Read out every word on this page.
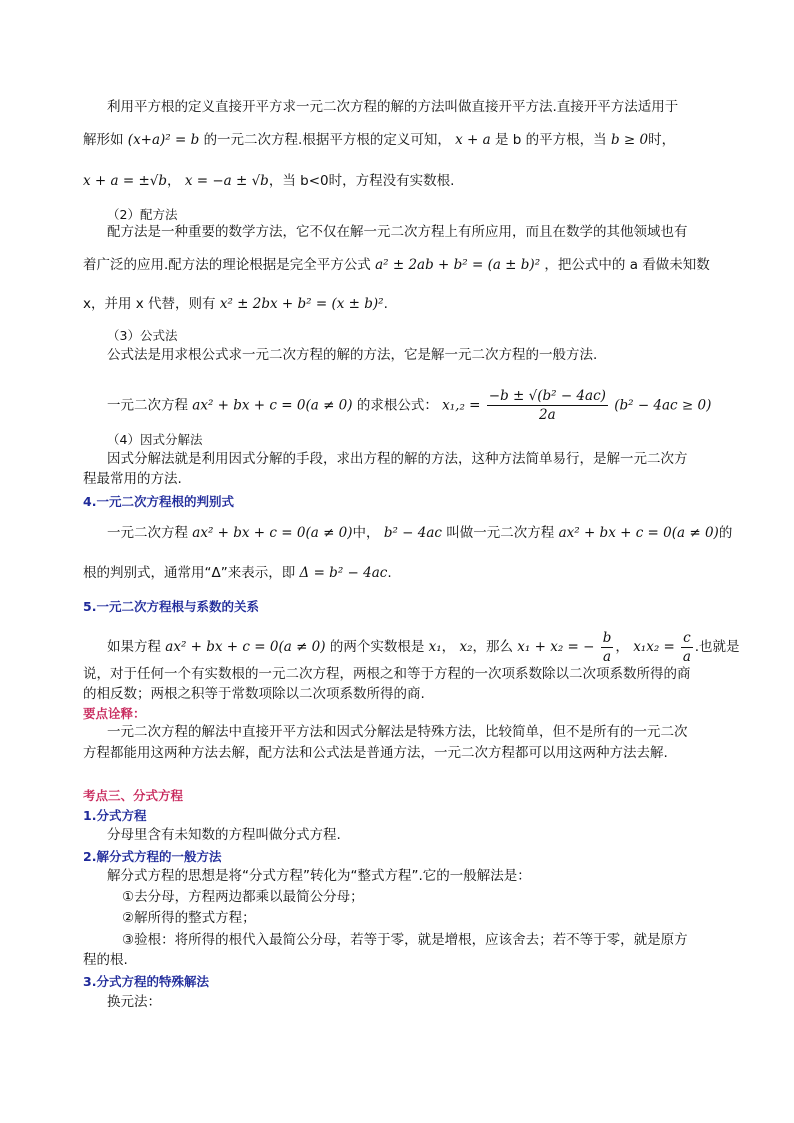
利用平方根的定义直接开平方求一元二次方程的解的方法叫做直接开平方法.直接开平方法适用于
解形如 (x+a)² = b 的一元二次方程.根据平方根的定义可知， x + a 是 b 的平方根，当 b ≥ 0时，
x + a = ±√b， x = −a ± √b，当 b<0时，方程没有实数根.
（2）配方法
配方法是一种重要的数学方法，它不仅在解一元二次方程上有所应用，而且在数学的其他领域也有
着广泛的应用.配方法的理论根据是完全平方公式 a² ± 2ab + b² = (a ± b)² ，把公式中的 a 看做未知数
x，并用 x 代替，则有 x² ± 2bx + b² = (x ± b)².
（3）公式法
公式法是用求根公式求一元二次方程的解的方法，它是解一元二次方程的一般方法.
一元二次方程 ax² + bx + c = 0(a ≠ 0) 的求根公式： $x_1,_2 = \frac{\text{−b ± √(b² − 4ac)}}{2a} (b^2 - 4ac \ge 0)$
（4）因式分解法
因式分解法就是利用因式分解的手段，求出方程的解的方法，这种方法简单易行，是解一元二次方
程最常用的方法.
4.一元二次方程根的判别式
一元二次方程 ax² + bx + c = 0(a ≠ 0)中， b² − 4ac 叫做一元二次方程 ax² + bx + c = 0(a ≠ 0)的
根的判别式，通常用“Δ”来表示，即 Δ = b² − 4ac.
5.一元二次方程根与系数的关系
如果方程 ax² + bx + c = 0(a ≠ 0) 的两个实数根是 x₁， x₂，那么 x₁ + x₂ = − $\frac{b}{a}$ ， $x_1x_2 = \frac{c}{a}$ .也就是
说，对于任何一个有实数根的一元二次方程，两根之和等于方程的一次项系数除以二次项系数所得的商
的相反数；两根之积等于常数项除以二次项系数所得的商.
要点诠释：
一元二次方程的解法中直接开平方法和因式分解法是特殊方法，比较简单，但不是所有的一元二次
方程都能用这两种方法去解，配方法和公式法是普通方法，一元二次方程都可以用这两种方法去解.
考点三、分式方程
1.分式方程
分母里含有未知数的方程叫做分式方程.
2.解分式方程的一般方法
解分式方程的思想是将“分式方程”转化为“整式方程”.它的一般解法是：
①去分母，方程两边都乘以最简公分母；
②解所得的整式方程；
③验根：将所得的根代入最简公分母，若等于零，就是增根，应该舍去；若不等于零，就是原方
程的根.
3.分式方程的特殊解法
换元法：
